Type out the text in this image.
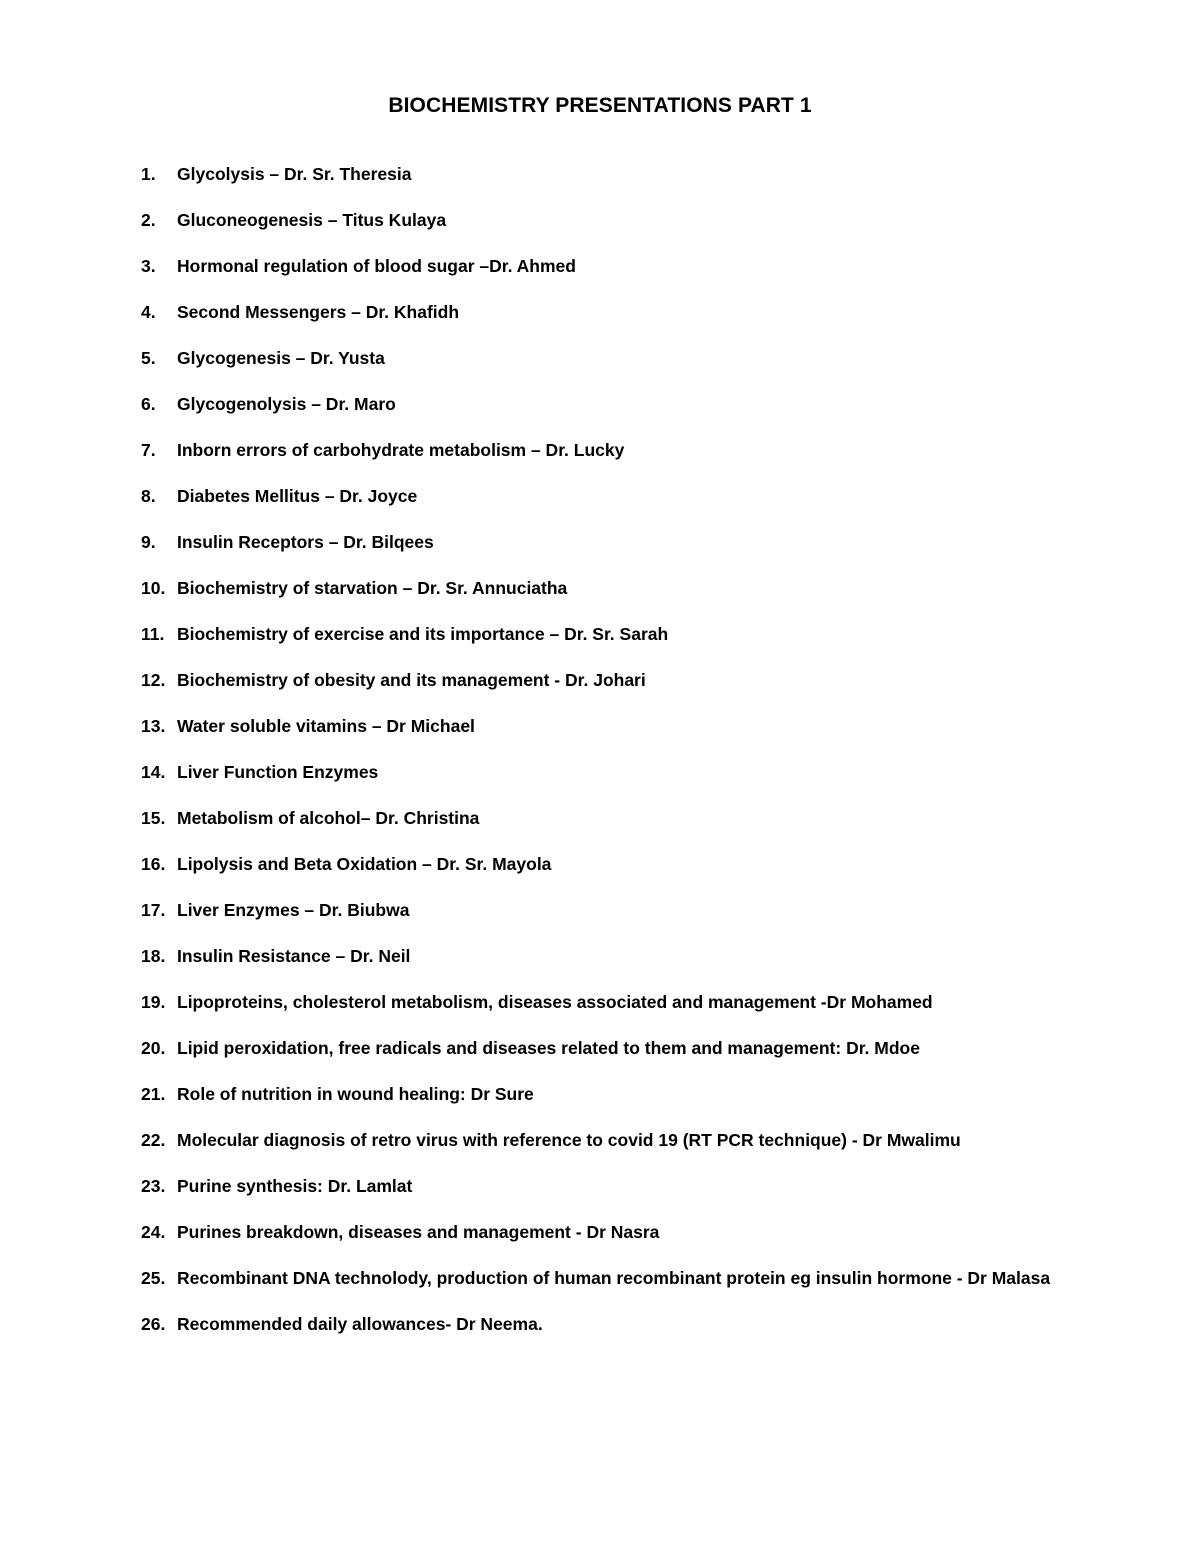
BIOCHEMISTRY PRESENTATIONS PART 1
1.	Glycolysis – Dr. Sr. Theresia
2.	Gluconeogenesis – Titus Kulaya
3.	Hormonal regulation of blood sugar –Dr. Ahmed
4.	Second Messengers – Dr. Khafidh
5.	Glycogenesis – Dr. Yusta
6.	Glycogenolysis – Dr. Maro
7.	Inborn errors of carbohydrate metabolism – Dr. Lucky
8.	Diabetes Mellitus – Dr. Joyce
9.	Insulin Receptors – Dr. Bilqees
10. Biochemistry of starvation – Dr. Sr. Annuciatha
11. Biochemistry of exercise and its importance – Dr. Sr. Sarah
12. Biochemistry of obesity and its management - Dr. Johari
13. Water soluble vitamins – Dr Michael
14. Liver Function Enzymes
15. Metabolism of alcohol– Dr. Christina
16. Lipolysis and Beta Oxidation – Dr. Sr. Mayola
17. Liver Enzymes – Dr. Biubwa
18. Insulin Resistance – Dr. Neil
19. Lipoproteins, cholesterol metabolism, diseases associated and management -Dr Mohamed
20. Lipid peroxidation, free radicals and diseases related to them and management: Dr. Mdoe
21. Role of nutrition in wound healing: Dr Sure
22. Molecular diagnosis of retro virus with reference to covid 19 (RT PCR technique) - Dr Mwalimu
23. Purine synthesis: Dr. Lamlat
24. Purines breakdown, diseases and management - Dr Nasra
25. Recombinant DNA technolody, production of human recombinant protein eg insulin hormone - Dr Malasa
26. Recommended daily allowances- Dr Neema.
